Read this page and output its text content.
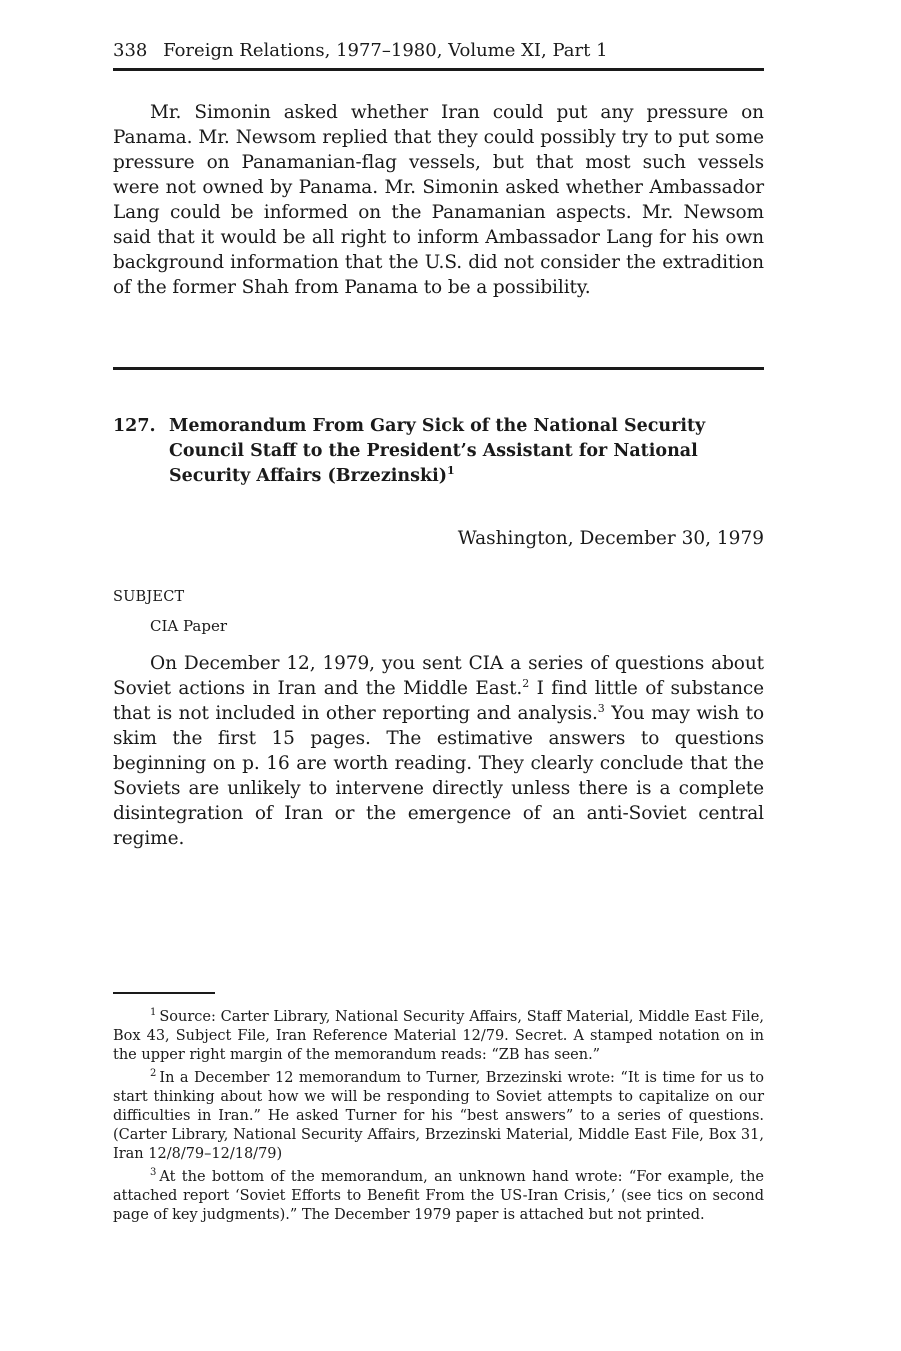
338 Foreign Relations, 1977–1980, Volume XI, Part 1

Mr. Simonin asked whether Iran could put any pressure on Panama. Mr. Newsom replied that they could possibly try to put some pressure on Panamanian-flag vessels, but that most such vessels were not owned by Panama. Mr. Simonin asked whether Ambassador Lang could be informed on the Panamanian aspects. Mr. Newsom said that it would be all right to inform Ambassador Lang for his own background information that the U.S. did not consider the extradition of the former Shah from Panama to be a possibility.

127. Memorandum From Gary Sick of the National Security Council Staff to the President’s Assistant for National Security Affairs (Brzezinski)$^1$
Washington, December 30, 1979
SUBJECT
CIA Paper

On December 12, 1979, you sent CIA a series of questions about Soviet actions in Iran and the Middle East.$^2$ I find little of substance that is not included in other reporting and analysis.$^3$ You may wish to skim the first 15 pages. The estimative answers to questions beginning on p. 16 are worth reading. They clearly conclude that the Soviets are unlikely to intervene directly unless there is a complete disintegration of Iran or the emergence of an anti-Soviet central regime.

$^1$ Source: Carter Library, National Security Affairs, Staff Material, Middle East File, Box 43, Subject File, Iran Reference Material 12/79. Secret. A stamped notation on in the upper right margin of the memorandum reads: “ZB has seen.”

$^2$ In a December 12 memorandum to Turner, Brzezinski wrote: “It is time for us to start thinking about how we will be responding to Soviet attempts to capitalize on our difficulties in Iran.” He asked Turner for his “best answers” to a series of questions. (Carter Library, National Security Affairs, Brzezinski Material, Middle East File, Box 31, Iran 12/8/79–12/18/79)

$^3$ At the bottom of the memorandum, an unknown hand wrote: “For example, the attached report ‘Soviet Efforts to Benefit From the US-Iran Crisis,’ (see tics on second page of key judgments).” The December 1979 paper is attached but not printed.
